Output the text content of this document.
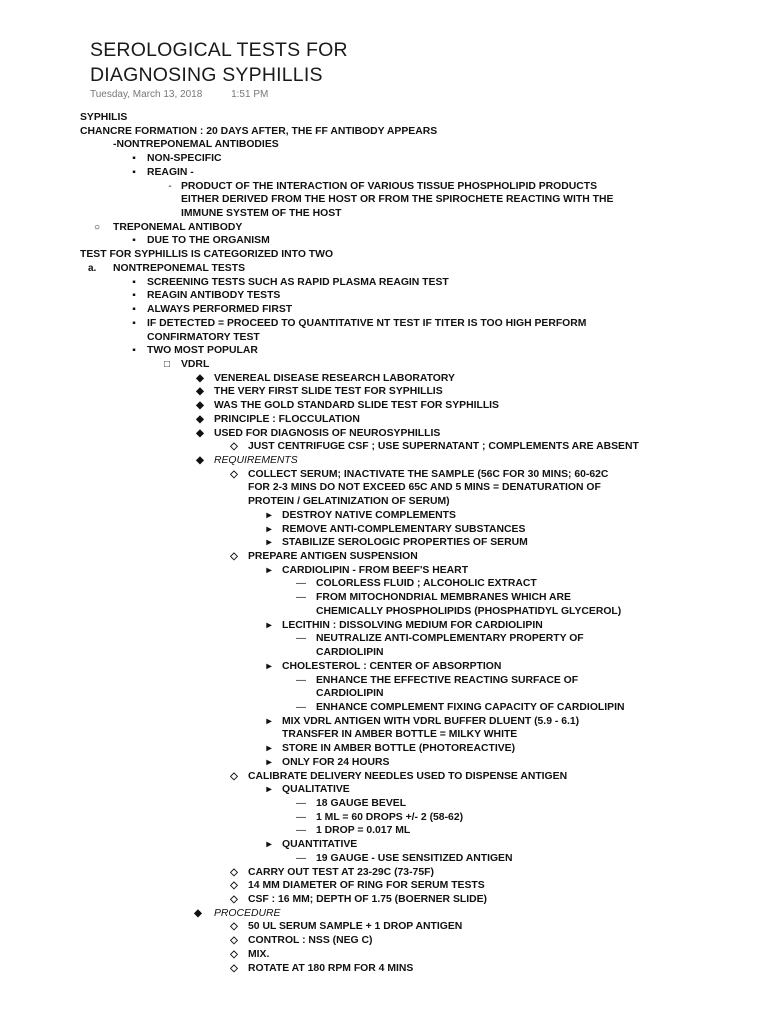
SEROLOGICAL TESTS FOR
DIAGNOSING SYPHILLIS
Tuesday, March 13, 2018	1:51 PM
SYPHILIS
CHANCRE FORMATION : 20 DAYS AFTER, THE FF ANTIBODY APPEARS
-NONTREPONEMAL ANTIBODIES
▪	NON-SPECIFIC
▪	REAGIN -
- PRODUCT OF THE INTERACTION OF VARIOUS TISSUE PHOSPHOLIPID PRODUCTS
EITHER DERIVED FROM THE HOST OR FROM THE SPIROCHETE REACTING WITH THE
IMMUNE SYSTEM OF THE HOST
○	TREPONEMAL ANTIBODY
▪	DUE TO THE ORGANISM
TEST FOR SYPHILLIS IS CATEGORIZED INTO TWO
a.	NONTREPONEMAL TESTS
▪	SCREENING TESTS SUCH AS RAPID PLASMA REAGIN TEST
▪	REAGIN ANTIBODY TESTS
▪	ALWAYS PERFORMED FIRST
▪	IF DETECTED = PROCEED TO QUANTITATIVE NT TEST IF TITER IS TOO HIGH PERFORM
CONFIRMATORY TEST
▪	TWO MOST POPULAR
□	VDRL
◆ VENEREAL DISEASE RESEARCH LABORATORY
◆ THE VERY FIRST SLIDE TEST FOR SYPHILLIS
◆ WAS THE GOLD STANDARD SLIDE TEST FOR SYPHILLIS
◆ PRINCIPLE : FLOCCULATION
◆ USED FOR DIAGNOSIS OF NEUROSYPHILLIS
◇ JUST CENTRIFUGE CSF ; USE SUPERNATANT ; COMPLEMENTS ARE ABSENT
◆ REQUIREMENTS
◇ COLLECT SERUM; INACTIVATE THE SAMPLE (56C FOR 30 MINS; 60-62C
FOR 2-3 MINS DO NOT EXCEED 65C AND 5 MINS = DENATURATION OF
PROTEIN / GELATINIZATION OF SERUM)
▸	DESTROY NATIVE COMPLEMENTS
▸	REMOVE ANTI-COMPLEMENTARY SUBSTANCES
▸	STABILIZE SEROLOGIC PROPERTIES OF SERUM
◇ PREPARE ANTIGEN SUSPENSION
▸	CARDIOLIPIN - FROM BEEF'S HEART
— COLORLESS FLUID ; ALCOHOLIC EXTRACT
— FROM MITOCHONDRIAL MEMBRANES WHICH ARE
CHEMICALLY PHOSPHOLIPIDS (PHOSPHATIDYL GLYCEROL)
▸	LECITHIN : DISSOLVING MEDIUM FOR CARDIOLIPIN
— NEUTRALIZE ANTI-COMPLEMENTARY PROPERTY OF
CARDIOLIPIN
▸	CHOLESTEROL : CENTER OF ABSORPTION
— ENHANCE THE EFFECTIVE REACTING SURFACE OF
CARDIOLIPIN
— ENHANCE COMPLEMENT FIXING CAPACITY OF CARDIOLIPIN
▸	MIX VDRL ANTIGEN WITH VDRL BUFFER DLUENT (5.9 - 6.1)
TRANSFER IN AMBER BOTTLE = MILKY WHITE
▸	STORE IN AMBER BOTTLE (PHOTOREACTIVE)
▸	ONLY FOR 24 HOURS
◇ CALIBRATE DELIVERY NEEDLES USED TO DISPENSE ANTIGEN
▸	QUALITATIVE
— 18 GAUGE BEVEL
— 1 ML = 60 DROPS +/- 2 (58-62)
— 1 DROP = 0.017 ML
▸	QUANTITATIVE
— 19 GAUGE - USE SENSITIZED ANTIGEN
◇ CARRY OUT TEST AT 23-29C (73-75F)
◇ 14 MM DIAMETER OF RING FOR SERUM TESTS
◇ CSF : 16 MM; DEPTH OF 1.75 (BOERNER SLIDE)
◆	PROCEDURE
◇ 50 UL SERUM SAMPLE + 1 DROP ANTIGEN
◇ CONTROL : NSS (NEG C)
◇ MIX.
◇ ROTATE AT 180 RPM FOR 4 MINS
